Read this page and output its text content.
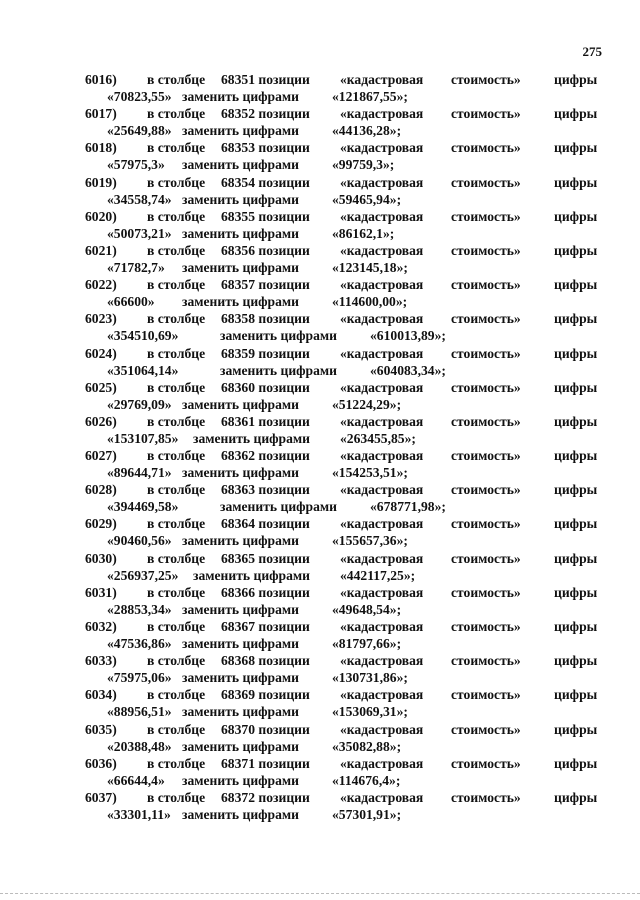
275
6016) в столбце 68351 позиции «кадастровая стоимость» цифры
«70823,55» заменить цифрами «121867,55»;
6017) в столбце 68352 позиции «кадастровая стоимость» цифры
«25649,88» заменить цифрами «44136,28»;
6018) в столбце 68353 позиции «кадастровая стоимость» цифры
«57975,3» заменить цифрами «99759,3»;
6019) в столбце 68354 позиции «кадастровая стоимость» цифры
«34558,74» заменить цифрами «59465,94»;
6020) в столбце 68355 позиции «кадастровая стоимость» цифры
«50073,21» заменить цифрами «86162,1»;
6021) в столбце 68356 позиции «кадастровая стоимость» цифры
«71782,7» заменить цифрами «123145,18»;
6022) в столбце 68357 позиции «кадастровая стоимость» цифры
«66600» заменить цифрами «114600,00»;
6023) в столбце 68358 позиции «кадастровая стоимость» цифры
«354510,69»	заменить цифрами «610013,89»;
6024) в столбце 68359 позиции «кадастровая стоимость» цифры
«351064,14»	заменить цифрами «604083,34»;
6025) в столбце 68360 позиции «кадастровая стоимость» цифры
«29769,09» заменить цифрами «51224,29»;
6026) в столбце 68361 позиции «кадастровая стоимость» цифры
«153107,85» заменить цифрами «263455,85»;
6027) в столбце 68362 позиции «кадастровая стоимость» цифры
«89644,71» заменить цифрами «154253,51»;
6028) в столбце 68363 позиции «кадастровая стоимость» цифры
«394469,58»	заменить цифрами «678771,98»;
6029) в столбце 68364 позиции «кадастровая стоимость» цифры
«90460,56» заменить цифрами «155657,36»;
6030) в столбце 68365 позиции «кадастровая стоимость» цифры
«256937,25» заменить цифрами «442117,25»;
6031) в столбце 68366 позиции «кадастровая стоимость» цифры
«28853,34» заменить цифрами «49648,54»;
6032) в столбце 68367 позиции «кадастровая стоимость» цифры
«47536,86» заменить цифрами «81797,66»;
6033) в столбце 68368 позиции «кадастровая стоимость» цифры
«75975,06» заменить цифрами «130731,86»;
6034) в столбце 68369 позиции «кадастровая стоимость» цифры
«88956,51» заменить цифрами «153069,31»;
6035) в столбце 68370 позиции «кадастровая стоимость» цифры
«20388,48» заменить цифрами «35082,88»;
6036) в столбце 68371 позиции «кадастровая стоимость» цифры
«66644,4» заменить цифрами «114676,4»;
6037) в столбце 68372 позиции «кадастровая стоимость» цифры
«33301,11» заменить цифрами «57301,91»;
